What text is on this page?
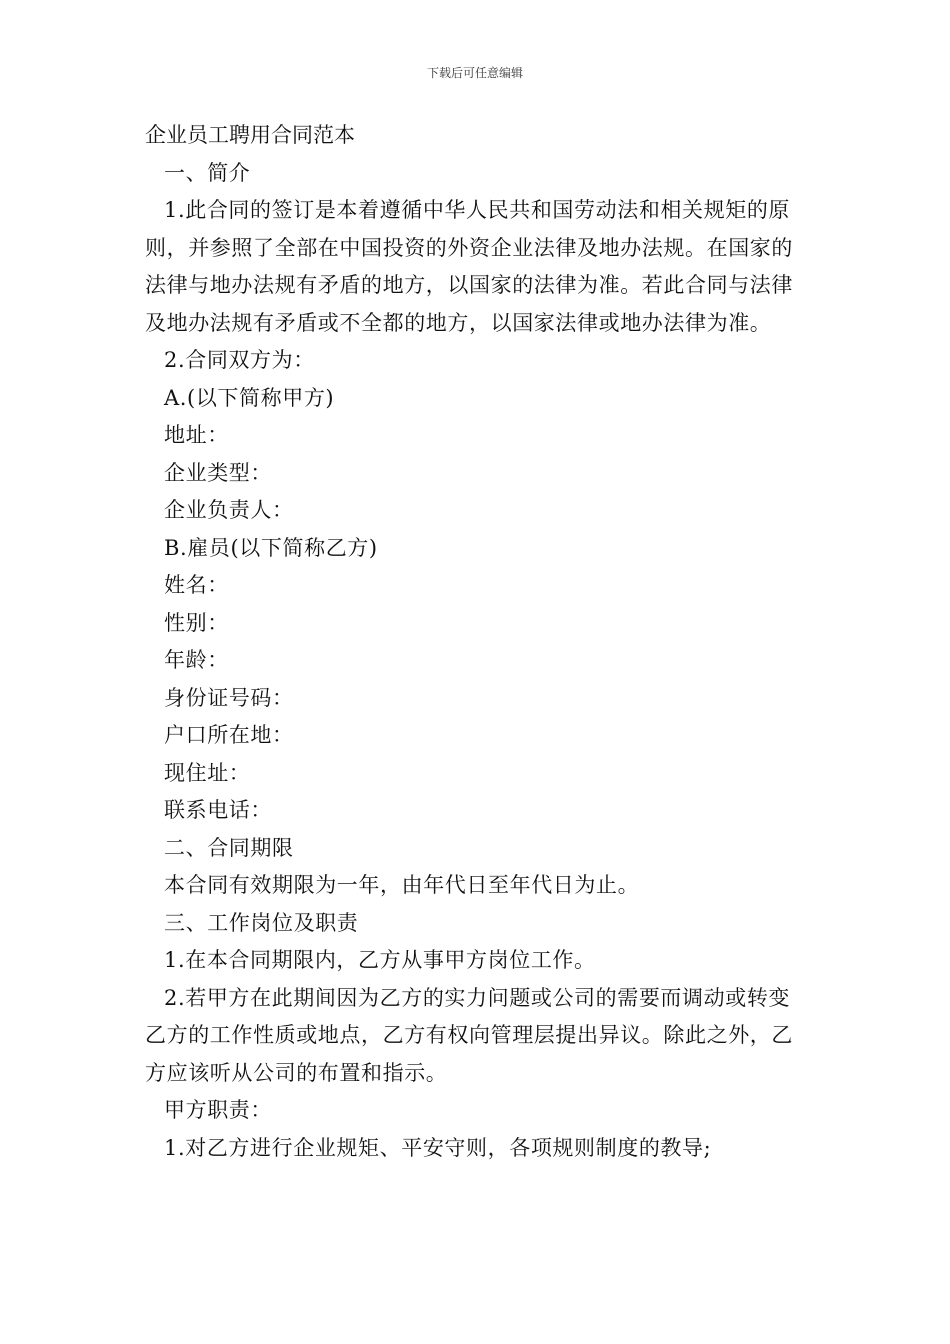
下载后可任意编辑

企业员工聘用合同范本

一、简介

1.此合同的签订是本着遵循中华人民共和国劳动法和相关规矩的原则，并参照了全部在中国投资的外资企业法律及地办法规。在国家的法律与地办法规有矛盾的地方，以国家的法律为准。若此合同与法律及地办法规有矛盾或不全都的地方，以国家法律或地办法律为准。

2.合同双方为：

A.(以下简称甲方)

地址：

企业类型：

企业负责人：

B.雇员(以下简称乙方)

姓名：

性别：

年龄：

身份证号码：

户口所在地：

现住址：

联系电话：

二、合同期限

本合同有效期限为一年，由年代日至年代日为止。

三、工作岗位及职责

1.在本合同期限内，乙方从事甲方岗位工作。

2.若甲方在此期间因为乙方的实力问题或公司的需要而调动或转变乙方的工作性质或地点，乙方有权向管理层提出异议。除此之外，乙方应该听从公司的布置和指示。

甲方职责：

1.对乙方进行企业规矩、平安守则，各项规则制度的教导;
